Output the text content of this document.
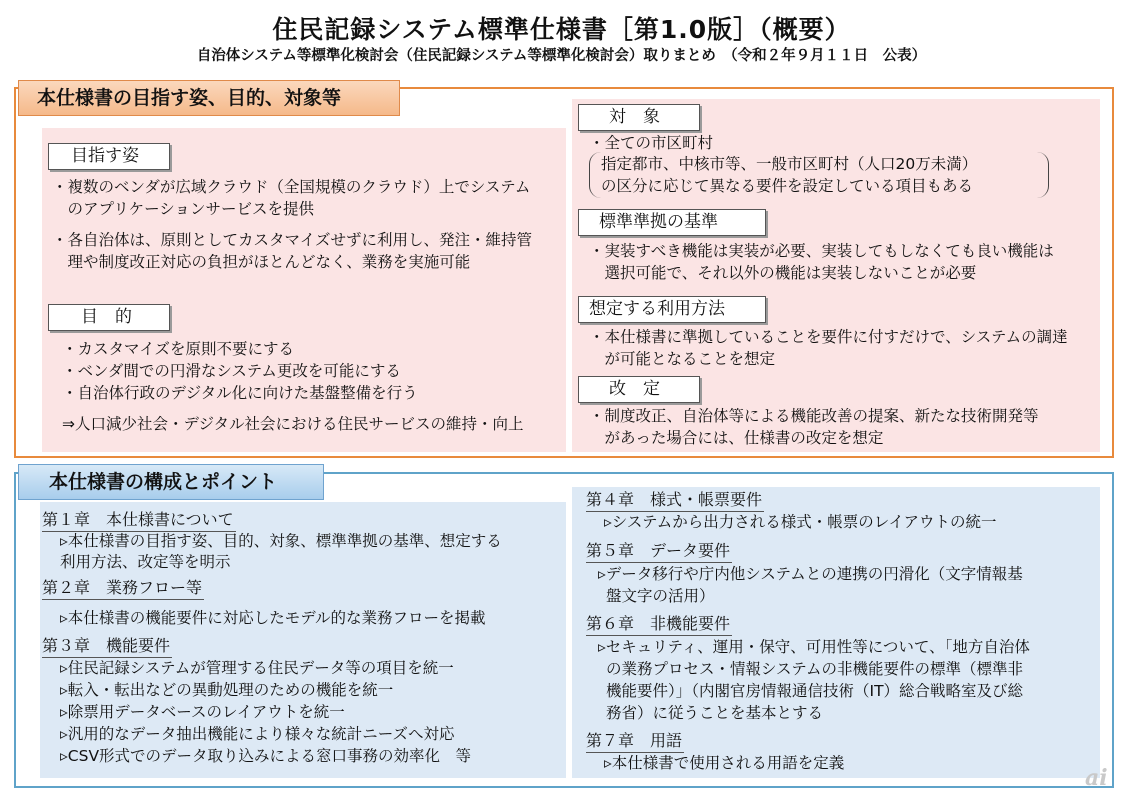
住民記録システム標準仕様書［第1.0版］（概要）
自治体システム等標準化検討会（住民記録システム等標準化検討会）取りまとめ　（令和２年９月１１日　公表）
本仕様書の目指す姿、目的、対象等
目指す姿
・複数のベンダが広域クラウド（全国規模のクラウド）上でシステム
　のアプリケーションサービスを提供
・各自治体は、原則としてカスタマイズせずに利用し、発注・維持管
　理や制度改正対応の負担がほとんどなく、業務を実施可能
目　的
・カスタマイズを原則不要にする
・ベンダ間での円滑なシステム更改を可能にする
・自治体行政のデジタル化に向けた基盤整備を行う
⇒人口減少社会・デジタル社会における住民サービスの維持・向上
対　象
・全ての市区町村
指定都市、中核市等、一般市区町村（人口20万未満）
の区分に応じて異なる要件を設定している項目もある
標準準拠の基準
・実装すべき機能は実装が必要、実装してもしなくても良い機能は
　選択可能で、それ以外の機能は実装しないことが必要
想定する利用方法
・本仕様書に準拠していることを要件に付すだけで、システムの調達
　が可能となることを想定
改　定
・制度改正、自治体等による機能改善の提案、新たな技術開発等
　があった場合には、仕様書の改定を想定
本仕様書の構成とポイント
第１章　本仕様書について
▹本仕様書の目指す姿、目的、対象、標準準拠の基準、想定する
利用方法、改定等を明示
第２章　業務フロー等
▹本仕様書の機能要件に対応したモデル的な業務フローを掲載
第３章　機能要件
▹住民記録システムが管理する住民データ等の項目を統一
▹転入・転出などの異動処理のための機能を統一
▹除票用データベースのレイアウトを統一
▹汎用的なデータ抽出機能により様々な統計ニーズへ対応
▹CSV形式でのデータ取り込みによる窓口事務の効率化　等
第４章　様式・帳票要件
▹システムから出力される様式・帳票のレイアウトの統一
第５章　データ要件
▹データ移行や庁内他システムとの連携の円滑化（文字情報基
盤文字の活用）
第６章　非機能要件
▹セキュリティ、運用・保守、可用性等について、「地方自治体
の業務プロセス・情報システムの非機能要件の標準（標準非
機能要件）」（内閣官房情報通信技術（IT）総合戦略室及び総
務省）に従うことを基本とする
第７章　用語
▹本仕様書で使用される用語を定義
ai
